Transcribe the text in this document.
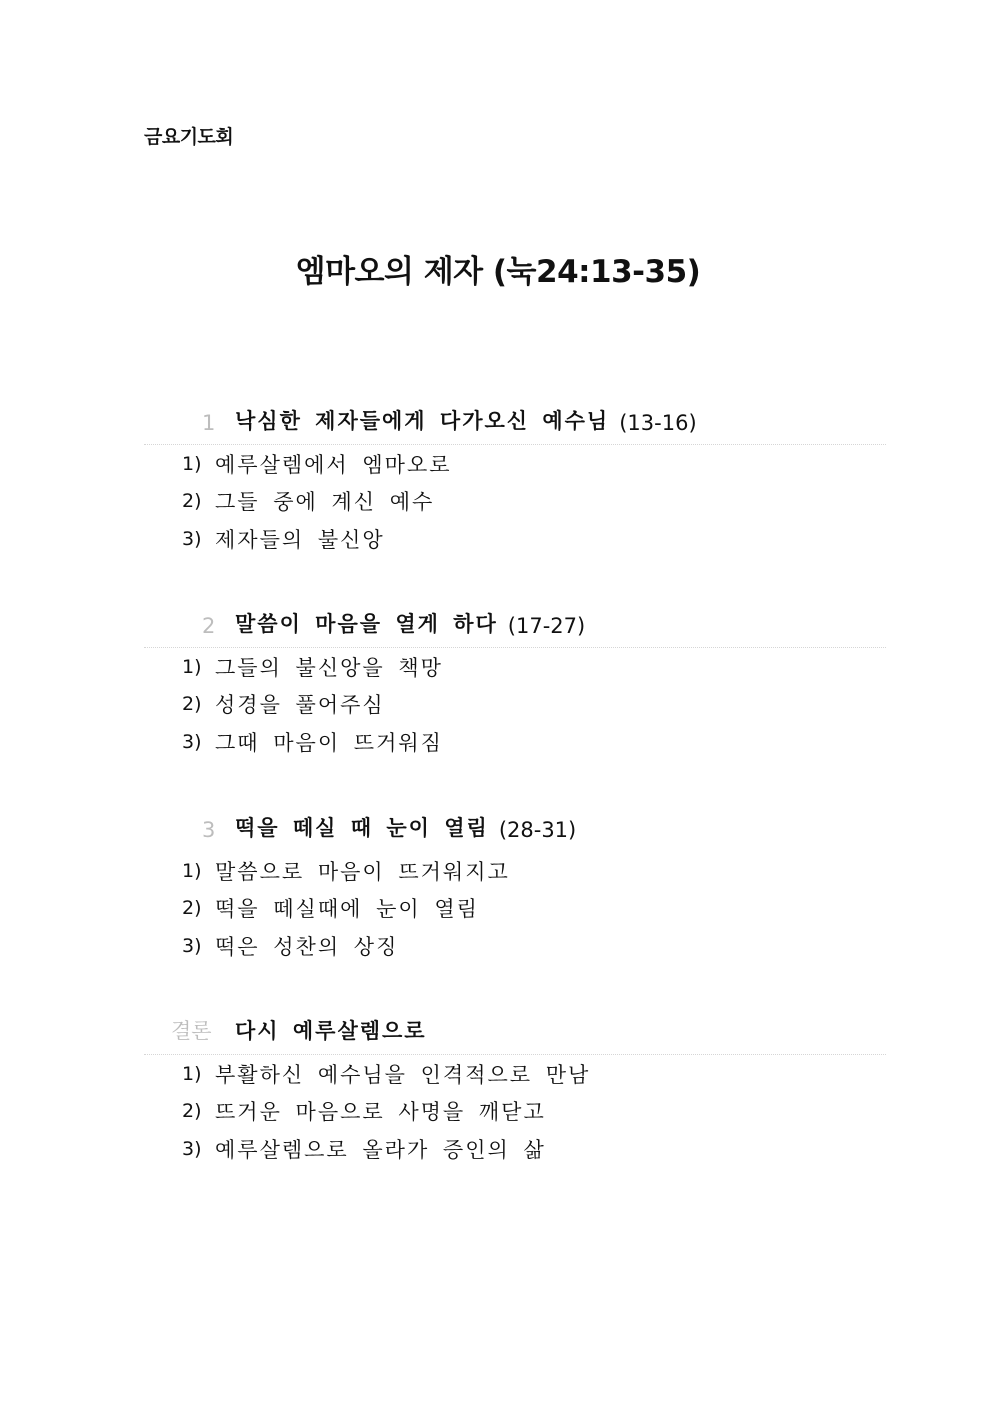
금요기도회
엠마오의 제자 (눅24:13-35)
1 낙심한 제자들에게 다가오신 예수님 (13-16)
1) 예루살렘에서 엠마오로
2) 그들 중에 계신 예수
3) 제자들의 불신앙
2 말씀이 마음을 열게 하다 (17-27)
1) 그들의 불신앙을 책망
2) 성경을 풀어주심
3) 그때 마음이 뜨거워짐
3 떡을 떼실 때 눈이 열림 (28-31)
1) 말씀으로 마음이 뜨거워지고
2) 떡을 떼실때에 눈이 열림
3) 떡은 성찬의 상징
결론	다시 예루살렘으로
1) 부활하신 예수님을 인격적으로 만남
2) 뜨거운 마음으로 사명을 깨닫고
3) 예루살렘으로 올라가 증인의 삶
